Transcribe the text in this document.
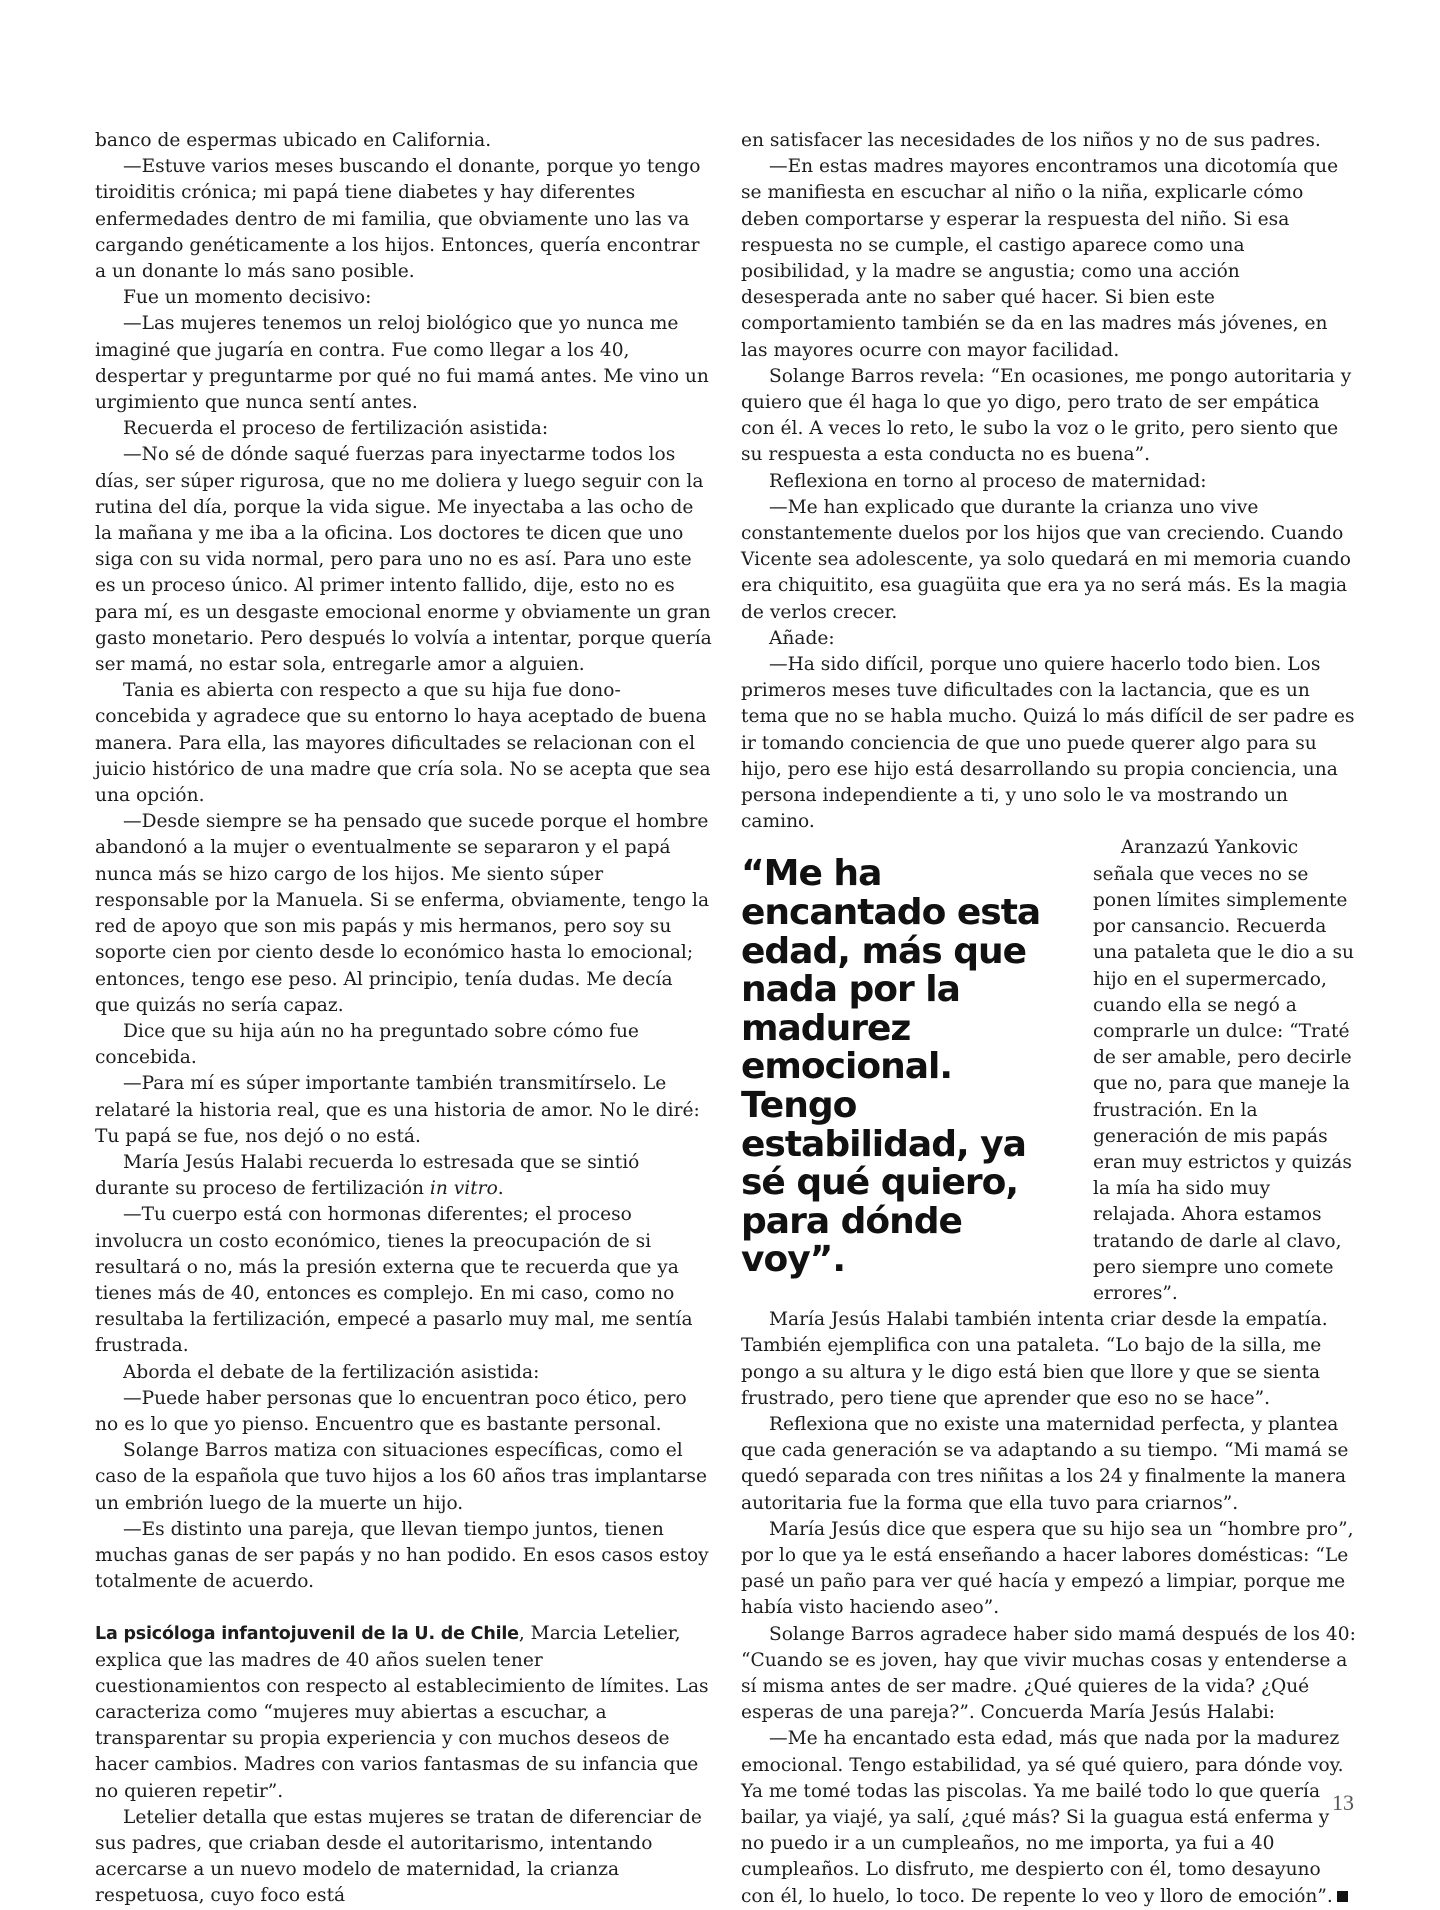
banco de espermas ubicado en California.

—Estuve varios meses buscando el donante, porque yo tengo tiroiditis crónica; mi papá tiene diabetes y hay diferentes enfermedades dentro de mi familia, que obviamente uno las va cargando genéticamente a los hijos. Entonces, quería encontrar a un donante lo más sano posible.

Fue un momento decisivo:

—Las mujeres tenemos un reloj biológico que yo nunca me imaginé que jugaría en contra. Fue como llegar a los 40, despertar y preguntarme por qué no fui mamá antes. Me vino un urgimiento que nunca sentí antes.

Recuerda el proceso de fertilización asistida:

—No sé de dónde saqué fuerzas para inyectarme todos los días, ser súper rigurosa, que no me doliera y luego seguir con la rutina del día, porque la vida sigue. Me inyectaba a las ocho de la mañana y me iba a la oficina. Los doctores te dicen que uno siga con su vida normal, pero para uno no es así. Para uno este es un proceso único. Al primer intento fallido, dije, esto no es para mí, es un desgaste emocional enorme y obviamente un gran gasto monetario. Pero después lo volvía a intentar, porque quería ser mamá, no estar sola, entregarle amor a alguien.

Tania es abierta con respecto a que su hija fue dono-concebida y agradece que su entorno lo haya aceptado de buena manera. Para ella, las mayores dificultades se relacionan con el juicio histórico de una madre que cría sola. No se acepta que sea una opción.

—Desde siempre se ha pensado que sucede porque el hombre abandonó a la mujer o eventualmente se separaron y el papá nunca más se hizo cargo de los hijos. Me siento súper responsable por la Manuela. Si se enferma, obviamente, tengo la red de apoyo que son mis papás y mis hermanos, pero soy su soporte cien por ciento desde lo económico hasta lo emocional; entonces, tengo ese peso. Al principio, tenía dudas. Me decía que quizás no sería capaz.

Dice que su hija aún no ha preguntado sobre cómo fue concebida.

—Para mí es súper importante también transmitírselo. Le relataré la historia real, que es una historia de amor. No le diré: Tu papá se fue, nos dejó o no está.

María Jesús Halabi recuerda lo estresada que se sintió durante su proceso de fertilización in vitro.

—Tu cuerpo está con hormonas diferentes; el proceso involucra un costo económico, tienes la preocupación de si resultará o no, más la presión externa que te recuerda que ya tienes más de 40, entonces es complejo. En mi caso, como no resultaba la fertilización, empecé a pasarlo muy mal, me sentía frustrada.

Aborda el debate de la fertilización asistida:

—Puede haber personas que lo encuentran poco ético, pero no es lo que yo pienso. Encuentro que es bastante personal.

Solange Barros matiza con situaciones específicas, como el caso de la española que tuvo hijos a los 60 años tras implantarse un embrión luego de la muerte un hijo.

—Es distinto una pareja, que llevan tiempo juntos, tienen muchas ganas de ser papás y no han podido. En esos casos estoy totalmente de acuerdo.

La psicóloga infantojuvenil de la U. de Chile, Marcia Letelier, explica que las madres de 40 años suelen tener cuestionamientos con respecto al establecimiento de límites. Las caracteriza como “mujeres muy abiertas a escuchar, a transparentar su propia experiencia y con muchos deseos de hacer cambios. Madres con varios fantasmas de su infancia que no quieren repetir”.

Letelier detalla que estas mujeres se tratan de diferenciar de sus padres, que criaban desde el autoritarismo, intentando acercarse a un nuevo modelo de maternidad, la crianza respetuosa, cuyo foco está

en satisfacer las necesidades de los niños y no de sus padres.

—En estas madres mayores encontramos una dicotomía que se manifiesta en escuchar al niño o la niña, explicarle cómo deben comportarse y esperar la respuesta del niño. Si esa respuesta no se cumple, el castigo aparece como una posibilidad, y la madre se angustia; como una acción desesperada ante no saber qué hacer. Si bien este comportamiento también se da en las madres más jóvenes, en las mayores ocurre con mayor facilidad.

Solange Barros revela: “En ocasiones, me pongo autoritaria y quiero que él haga lo que yo digo, pero trato de ser empática con él. A veces lo reto, le subo la voz o le grito, pero siento que su respuesta a esta conducta no es buena”.

Reflexiona en torno al proceso de maternidad:

—Me han explicado que durante la crianza uno vive constantemente duelos por los hijos que van creciendo. Cuando Vicente sea adolescente, ya solo quedará en mi memoria cuando era chiquitito, esa guagüita que era ya no será más. Es la magia de verlos crecer.

Añade:

—Ha sido difícil, porque uno quiere hacerlo todo bien. Los primeros meses tuve dificultades con la lactancia, que es un tema que no se habla mucho. Quizá lo más difícil de ser padre es ir tomando conciencia de que uno puede querer algo para su hijo, pero ese hijo está desarrollando su propia conciencia, una persona independiente a ti, y uno solo le va mostrando un camino.

“Me ha encantado esta edad, más que nada por la madurez emocional. Tengo estabilidad, ya sé qué quiero, para dónde voy”.

Aranzazú Yankovic señala que veces no se ponen límites simplemente por cansancio. Recuerda una pataleta que le dio a su hijo en el supermercado, cuando ella se negó a comprarle un dulce: “Traté de ser amable, pero decirle que no, para que maneje la frustración. En la generación de mis papás eran muy estrictos y quizás la mía ha sido muy relajada. Ahora estamos tratando de darle al clavo, pero siempre uno comete errores”.

María Jesús Halabi también intenta criar desde la empatía. También ejemplifica con una pataleta. “Lo bajo de la silla, me pongo a su altura y le digo está bien que llore y que se sienta frustrado, pero tiene que aprender que eso no se hace”.

Reflexiona que no existe una maternidad perfecta, y plantea que cada generación se va adaptando a su tiempo. “Mi mamá se quedó separada con tres niñitas a los 24 y finalmente la manera autoritaria fue la forma que ella tuvo para criarnos”.

María Jesús dice que espera que su hijo sea un “hombre pro”, por lo que ya le está enseñando a hacer labores domésticas: “Le pasé un paño para ver qué hacía y empezó a limpiar, porque me había visto haciendo aseo”.

Solange Barros agradece haber sido mamá después de los 40: “Cuando se es joven, hay que vivir muchas cosas y entenderse a sí misma antes de ser madre. ¿Qué quieres de la vida? ¿Qué esperas de una pareja?”. Concuerda María Jesús Halabi:

—Me ha encantado esta edad, más que nada por la madurez emocional. Tengo estabilidad, ya sé qué quiero, para dónde voy. Ya me tomé todas las piscolas. Ya me bailé todo lo que quería bailar, ya viajé, ya salí, ¿qué más? Si la guagua está enferma y no puedo ir a un cumpleaños, no me importa, ya fui a 40 cumpleaños. Lo disfruto, me despierto con él, tomo desayuno con él, lo huelo, lo toco. De repente lo veo y lloro de emoción”.

13
